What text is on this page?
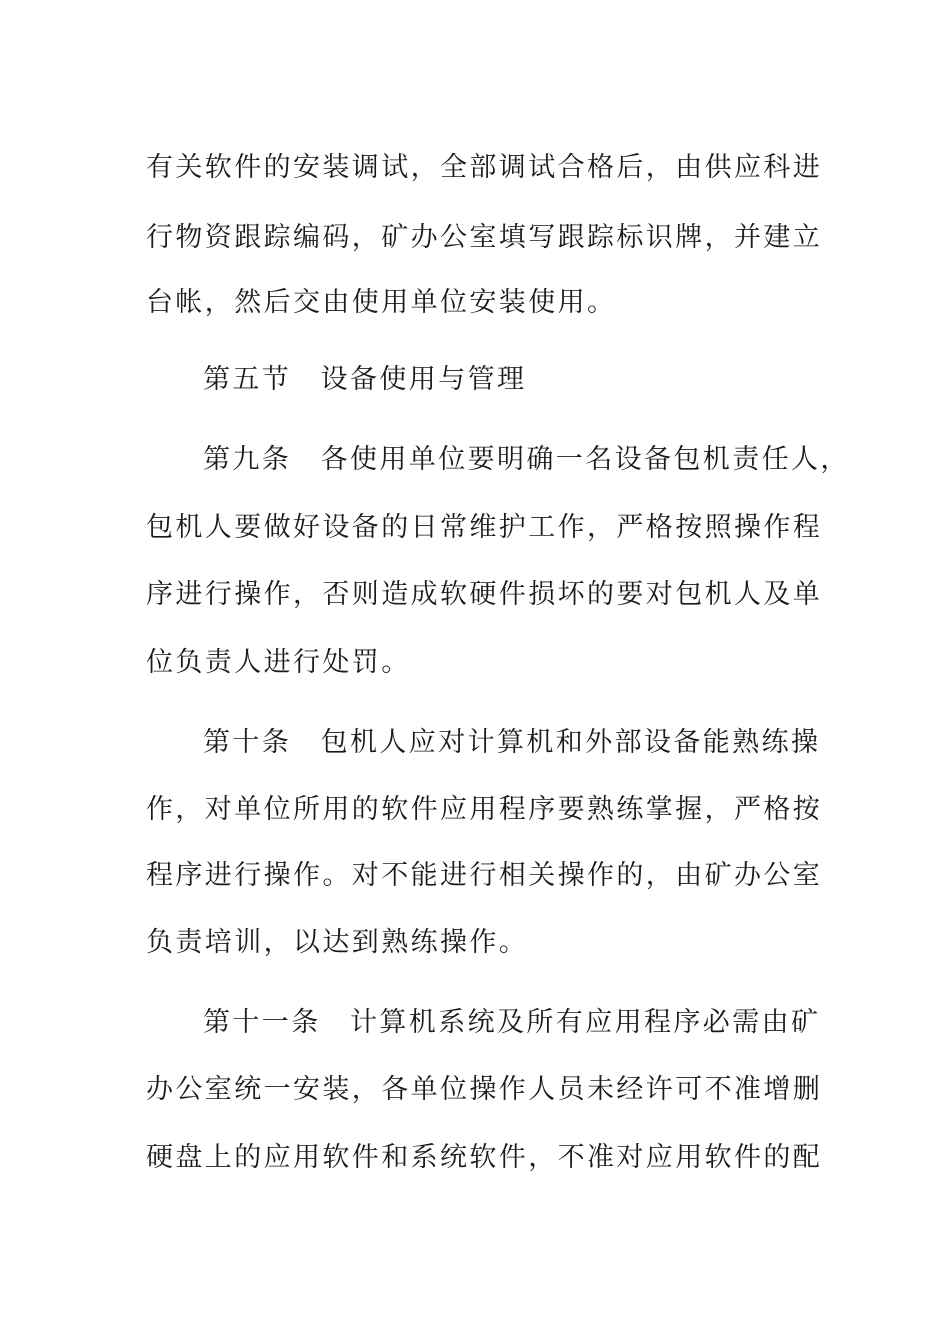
有关软件的安装调试，全部调试合格后，由供应科进
行物资跟踪编码，矿办公室填写跟踪标识牌，并建立
台帐，然后交由使用单位安装使用。
第五节　设备使用与管理
第九条　各使用单位要明确一名设备包机责任人，
包机人要做好设备的日常维护工作，严格按照操作程
序进行操作，否则造成软硬件损坏的要对包机人及单
位负责人进行处罚。
第十条　包机人应对计算机和外部设备能熟练操
作，对单位所用的软件应用程序要熟练掌握，严格按
程序进行操作。对不能进行相关操作的，由矿办公室
负责培训，以达到熟练操作。
第十一条　计算机系统及所有应用程序必需由矿
办公室统一安装，各单位操作人员未经许可不准增删
硬盘上的应用软件和系统软件，不准对应用软件的配
